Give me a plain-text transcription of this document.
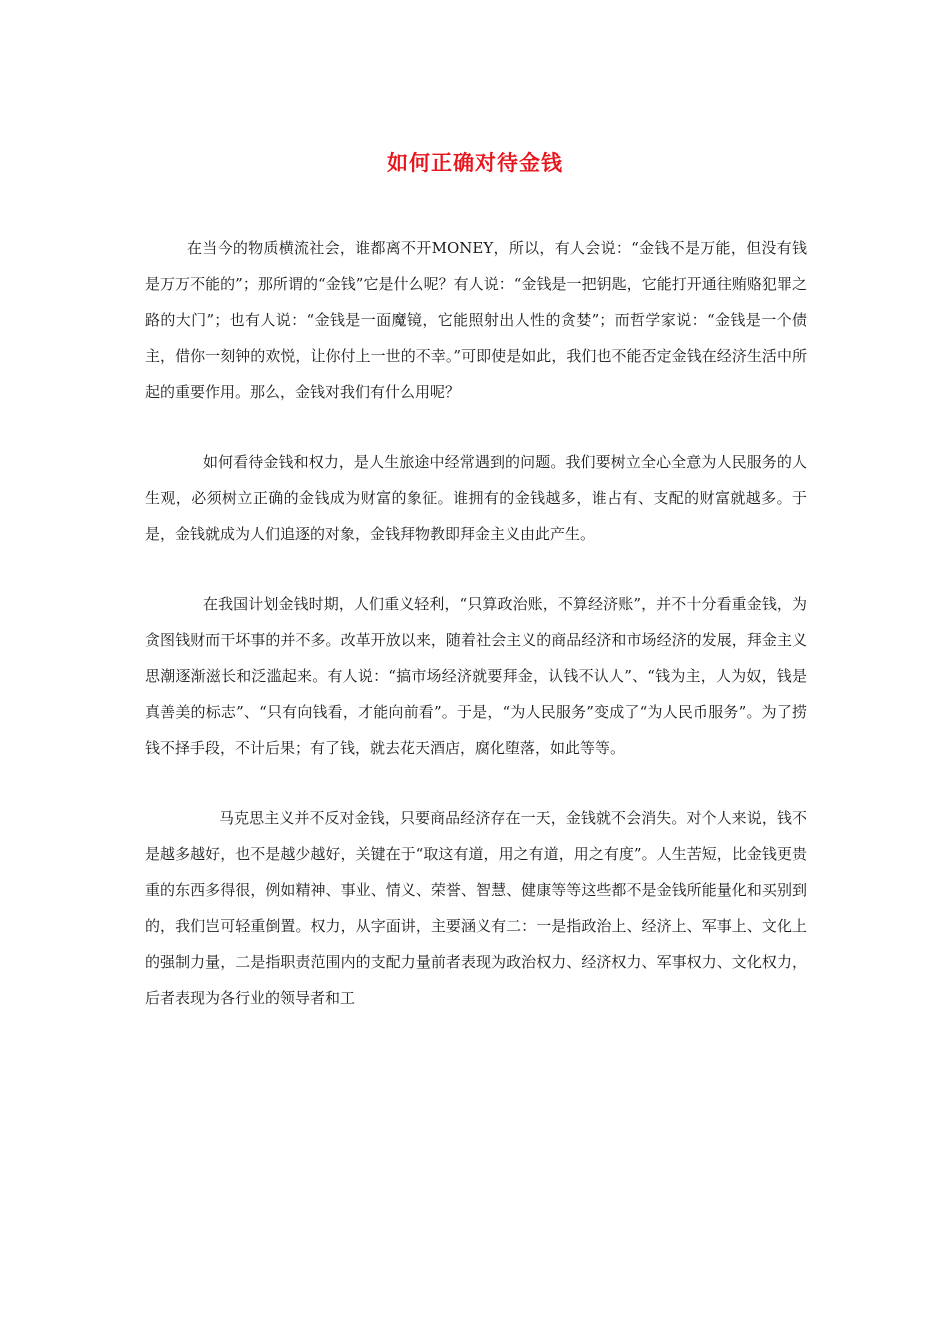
如何正确对待金钱

在当今的物质横流社会，谁都离不开MONEY，所以，有人会说：“金钱不是万能，但没有钱是万万不能的”；那所谓的“金钱”它是什么呢？有人说：“金钱是一把钥匙，它能打开通往贿赂犯罪之路的大门”；也有人说：“金钱是一面魔镜，它能照射出人性的贪婪”；而哲学家说：“金钱是一个债主，借你一刻钟的欢悦，让你付上一世的不幸。”可即使是如此，我们也不能否定金钱在经济生活中所起的重要作用。那么，金钱对我们有什么用呢？

如何看待金钱和权力，是人生旅途中经常遇到的问题。我们要树立全心全意为人民服务的人生观，必须树立正确的金钱成为财富的象征。谁拥有的金钱越多，谁占有、支配的财富就越多。于是，金钱就成为人们追逐的对象，金钱拜物教即拜金主义由此产生。

在我国计划金钱时期，人们重义轻利，“只算政治账，不算经济账”，并不十分看重金钱，为贪图钱财而干坏事的并不多。改革开放以来，随着社会主义的商品经济和市场经济的发展，拜金主义思潮逐渐滋长和泛滥起来。有人说：“搞市场经济就要拜金，认钱不认人”、“钱为主，人为奴，钱是真善美的标志”、“只有向钱看，才能向前看”。于是，“为人民服务”变成了“为人民币服务”。为了捞钱不择手段，不计后果；有了钱，就去花天酒店，腐化堕落，如此等等。

马克思主义并不反对金钱，只要商品经济存在一天，金钱就不会消失。对个人来说，钱不是越多越好，也不是越少越好，关键在于“取这有道，用之有道，用之有度”。人生苦短，比金钱更贵重的东西多得很，例如精神、事业、情义、荣誉、智慧、健康等等这些都不是金钱所能量化和买别到的，我们岂可轻重倒置。权力，从字面讲，主要涵义有二：一是指政治上、经济上、军事上、文化上的强制力量，二是指职责范围内的支配力量前者表现为政治权力、经济权力、军事权力、文化权力，后者表现为各行业的领导者和工
